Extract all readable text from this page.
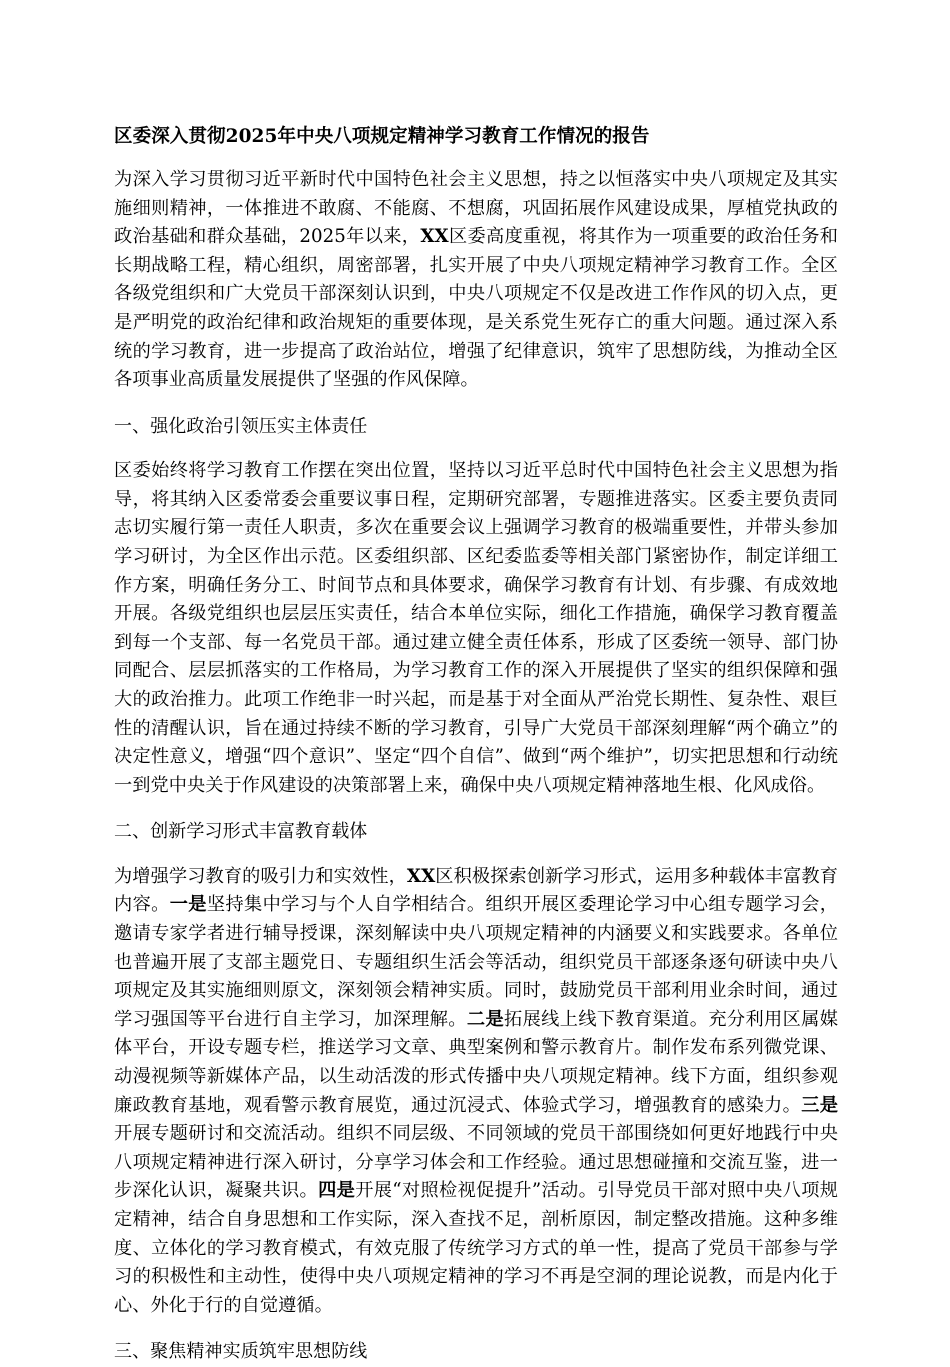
区委深入贯彻2025年中央八项规定精神学习教育工作情况的报告

为深入学习贯彻习近平新时代中国特色社会主义思想，持之以恒落实中央八项规定及其实施细则精神，一体推进不敢腐、不能腐、不想腐，巩固拓展作风建设成果，厚植党执政的政治基础和群众基础，2025年以来，XX区委高度重视，将其作为一项重要的政治任务和长期战略工程，精心组织，周密部署，扎实开展了中央八项规定精神学习教育工作。全区各级党组织和广大党员干部深刻认识到，中央八项规定不仅是改进工作作风的切入点，更是严明党的政治纪律和政治规矩的重要体现，是关系党生死存亡的重大问题。通过深入系统的学习教育，进一步提高了政治站位，增强了纪律意识，筑牢了思想防线，为推动全区各项事业高质量发展提供了坚强的作风保障。

一、强化政治引领压实主体责任

区委始终将学习教育工作摆在突出位置，坚持以习近平总时代中国特色社会主义思想为指导，将其纳入区委常委会重要议事日程，定期研究部署，专题推进落实。区委主要负责同志切实履行第一责任人职责，多次在重要会议上强调学习教育的极端重要性，并带头参加学习研讨，为全区作出示范。区委组织部、区纪委监委等相关部门紧密协作，制定详细工作方案，明确任务分工、时间节点和具体要求，确保学习教育有计划、有步骤、有成效地开展。各级党组织也层层压实责任，结合本单位实际，细化工作措施，确保学习教育覆盖到每一个支部、每一名党员干部。通过建立健全责任体系，形成了区委统一领导、部门协同配合、层层抓落实的工作格局，为学习教育工作的深入开展提供了坚实的组织保障和强大的政治推力。此项工作绝非一时兴起，而是基于对全面从严治党长期性、复杂性、艰巨性的清醒认识，旨在通过持续不断的学习教育，引导广大党员干部深刻理解“两个确立”的决定性意义，增强“四个意识”、坚定“四个自信”、做到“两个维护”，切实把思想和行动统一到党中央关于作风建设的决策部署上来，确保中央八项规定精神落地生根、化风成俗。

二、创新学习形式丰富教育载体

为增强学习教育的吸引力和实效性，XX区积极探索创新学习形式，运用多种载体丰富教育内容。一是坚持集中学习与个人自学相结合。组织开展区委理论学习中心组专题学习会，邀请专家学者进行辅导授课，深刻解读中央八项规定精神的内涵要义和实践要求。各单位也普遍开展了支部主题党日、专题组织生活会等活动，组织党员干部逐条逐句研读中央八项规定及其实施细则原文，深刻领会精神实质。同时，鼓励党员干部利用业余时间，通过学习强国等平台进行自主学习，加深理解。二是拓展线上线下教育渠道。充分利用区属媒体平台，开设专题专栏，推送学习文章、典型案例和警示教育片。制作发布系列微党课、动漫视频等新媒体产品，以生动活泼的形式传播中央八项规定精神。线下方面，组织参观廉政教育基地，观看警示教育展览，通过沉浸式、体验式学习，增强教育的感染力。三是开展专题研讨和交流活动。组织不同层级、不同领域的党员干部围绕如何更好地践行中央八项规定精神进行深入研讨，分享学习体会和工作经验。通过思想碰撞和交流互鉴，进一步深化认识，凝聚共识。四是开展“对照检视促提升”活动。引导党员干部对照中央八项规定精神，结合自身思想和工作实际，深入查找不足，剖析原因，制定整改措施。这种多维度、立体化的学习教育模式，有效克服了传统学习方式的单一性，提高了党员干部参与学习的积极性和主动性，使得中央八项规定精神的学习不再是空洞的理论说教，而是内化于心、外化于行的自觉遵循。

三、聚焦精神实质筑牢思想防线
